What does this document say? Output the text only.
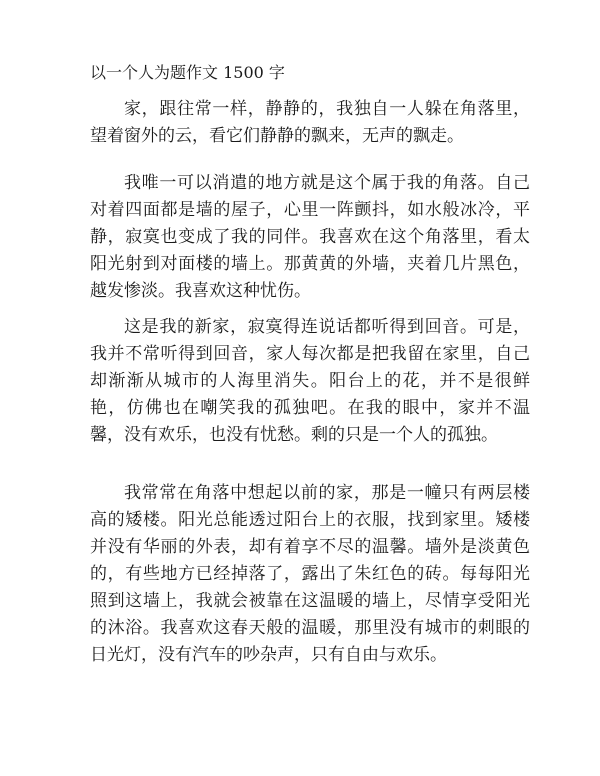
以一个人为题作文 1500 字

家，跟往常一样，静静的，我独自一人躲在角落里，望着窗外的云，看它们静静的飘来，无声的飘走。

我唯一可以消遣的地方就是这个属于我的角落。自己对着四面都是墙的屋子，心里一阵颤抖，如水般冰冷，平静，寂寞也变成了我的同伴。我喜欢在这个角落里，看太阳光射到对面楼的墙上。那黄黄的外墙，夹着几片黑色，越发惨淡。我喜欢这种忧伤。

这是我的新家，寂寞得连说话都听得到回音。可是，我并不常听得到回音，家人每次都是把我留在家里，自己却渐渐从城市的人海里消失。阳台上的花，并不是很鲜艳，仿佛也在嘲笑我的孤独吧。在我的眼中，家并不温馨，没有欢乐，也没有忧愁。剩的只是一个人的孤独。

我常常在角落中想起以前的家，那是一幢只有两层楼高的矮楼。阳光总能透过阳台上的衣服，找到家里。矮楼并没有华丽的外表，却有着享不尽的温馨。墙外是淡黄色的，有些地方已经掉落了，露出了朱红色的砖。每每阳光照到这墙上，我就会被靠在这温暖的墙上，尽情享受阳光的沐浴。我喜欢这春天般的温暖，那里没有城市的刺眼的日光灯，没有汽车的吵杂声，只有自由与欢乐。
